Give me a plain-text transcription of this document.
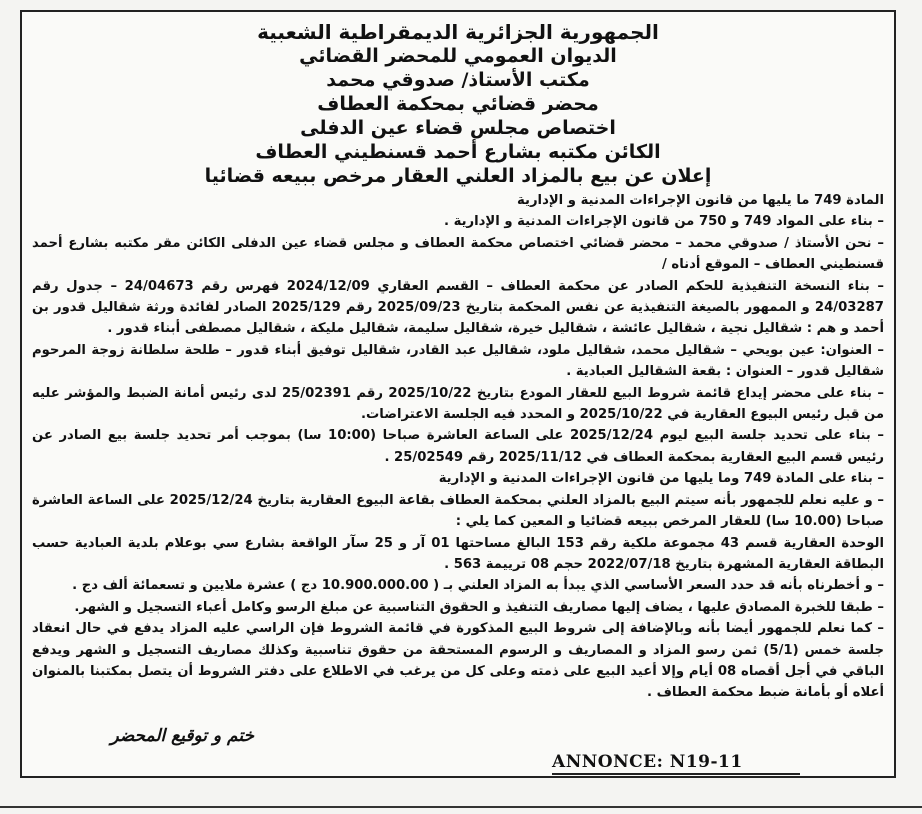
الجمهورية الجزائرية الديمقراطية الشعبية
الديوان العمومي للمحضر القضائي
مكتب الأستاذ/ صدوقي محمد
محضر قضائي بمحكمة العطاف
اختصاص مجلس قضاء عين الدفلى
الكائن مكتبه بشارع أحمد قسنطيني العطاف
إعلان عن بيع بالمزاد العلني العقار مرخص ببيعه قضائيا

المادة 749 ما يليها من قانون الإجراءات المدنية و الإدارية

– بناء على المواد 749 و 750 من قانون الإجراءات المدنية و الإدارية .

– نحن الأستاذ / صدوقي محمد – محضر قضائي اختصاص محكمة العطاف و مجلس قضاء عين الدفلى الكائن مقر مكتبه بشارع أحمد قسنطيني العطاف – الموقع أدناه /

– بناء النسخة التنفيذية للحكم الصادر عن محكمة العطاف – القسم العقاري 2024/12/09 فهرس رقم 24/04673 – جدول رقم 24/03287 و الممهور بالصيغة التنفيذية عن نفس المحكمة بتاريخ 2025/09/23 رقم 2025/129 الصادر لفائدة ورثة شقاليل قدور بن أحمد و هم : شقاليل نجية ، شقاليل عائشة ، شقاليل خيرة، شقاليل سليمة، شقاليل مليكة ، شقاليل مصطفى أبناء قدور .

– العنوان: عين بويحي – شقاليل محمد، شقاليل ملود، شقاليل عبد القادر، شقاليل توفيق أبناء قدور – طلحة سلطانة زوجة المرحوم شقاليل قدور – العنوان : بقعة الشقاليل العبادية .

– بناء على محضر إيداع قائمة شروط البيع للعقار المودع بتاريخ 2025/10/22 رقم 25/02391 لدى رئيس أمانة الضبط والمؤشر عليه من قبل رئيس البيوع العقارية في 2025/10/22 و المحدد فيه الجلسة الاعتراضات.

– بناء على تحديد جلسة البيع ليوم 2025/12/24 على الساعة العاشرة صباحا (10:00 سا) بموجب أمر تحديد جلسة بيع الصادر عن رئيس قسم البيع العقارية بمحكمة العطاف في 2025/11/12 رقم 25/02549 .

– بناء على المادة 749 وما يليها من قانون الإجراءات المدنية و الإدارية

– و عليه نعلم للجمهور بأنه سيتم البيع بالمزاد العلني بمحكمة العطاف بقاعة البيوع العقارية بتاريخ 2025/12/24 على الساعة العاشرة صباحا (10.00 سا) للعقار المرخص ببيعه قضائيا و المعين كما يلي :

الوحدة العقارية قسم 43 مجموعة ملكية رقم 153 البالغ مساحتها 01 آر و 25 سآر الواقعة بشارع سي بوعلام بلدية العبادية حسب البطاقة العقارية المشهرة بتاريخ 2022/07/18 حجم 08 ترييمة 563 .

– و أخطرناه بأنه قد حدد السعر الأساسي الذي يبدأ به المزاد العلني بـ ( 10.900.000.00 دج ) عشرة ملايين و تسعمائة ألف دج .

– طبقا للخبرة المصادق عليها ، يضاف إليها مصاريف التنفيذ و الحقوق التناسبية عن مبلغ الرسو وكامل أعباء التسجيل و الشهر.

– كما نعلم للجمهور أيضا بأنه وبالإضافة إلى شروط البيع المذكورة في قائمة الشروط فإن الراسي عليه المزاد يدفع في حال انعقاد جلسة خمس (5/1) ثمن رسو المزاد و المصاريف و الرسوم المستحقة من حقوق تناسبية وكذلك مصاريف التسجيل و الشهر ويدفع الباقي في أجل أقصاه 08 أيام وإلا أعيد البيع على ذمته وعلى كل من يرغب في الاطلاع على دفتر الشروط أن يتصل بمكتبنا بالمنوان أعلاه أو بأمانة ضبط محكمة العطاف .

ختم و توقيع المحضر
ANNONCE: N19-11
